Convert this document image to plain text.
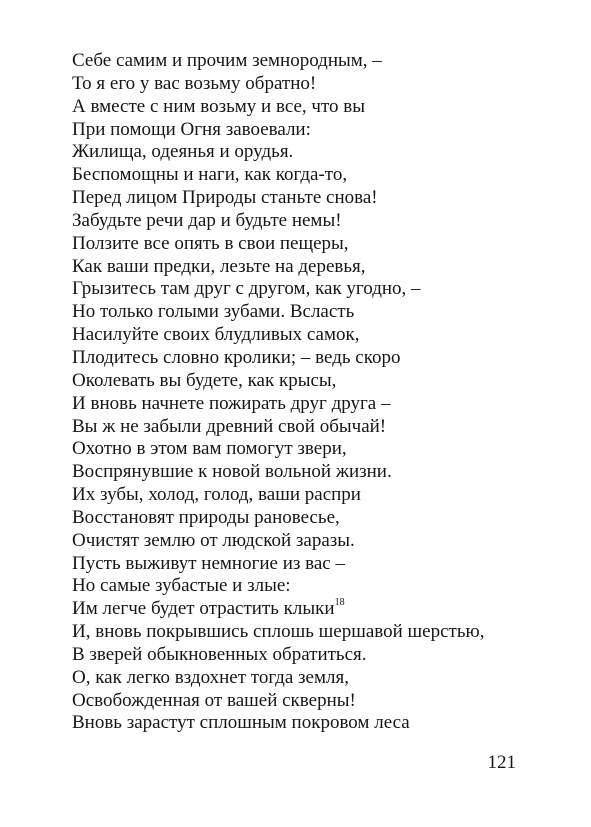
Себе самим и прочим земнородным, –
То я его у вас возьму обратно!
А вместе с ним возьму и все, что вы
При помощи Огня завоевали:
Жилища, одеянья и орудья.
Беспомощны и наги, как когда-то,
Перед лицом Природы станьте снова!
Забудьте речи дар и будьте немы!
Ползите все опять в свои пещеры,
Как ваши предки, лезьте на деревья,
Грызитесь там друг с другом, как угодно, –
Но только голыми зубами. Всласть
Насилуйте своих блудливых самок,
Плодитесь словно кролики; – ведь скоро
Околевать вы будете, как крысы,
И вновь начнете пожирать друг друга –
Вы ж не забыли древний свой обычай!
Охотно в этом вам помогут звери,
Воспрянувшие к новой вольной жизни.
Их зубы, холод, голод, ваши распри
Восстановят природы рановесье,
Очистят землю от людской заразы.
Пусть выживут немногие из вас –
Но самые зубастые и злые:
Им легче будет отрастить клыки$^{18}$
И, вновь покрывшись сплошь шершавой шерстью,
В зверей обыкновенных обратиться.
О, как легко вздохнет тогда земля,
Освобожденная от вашей скверны!
Вновь зарастут сплошным покровом леса
121
